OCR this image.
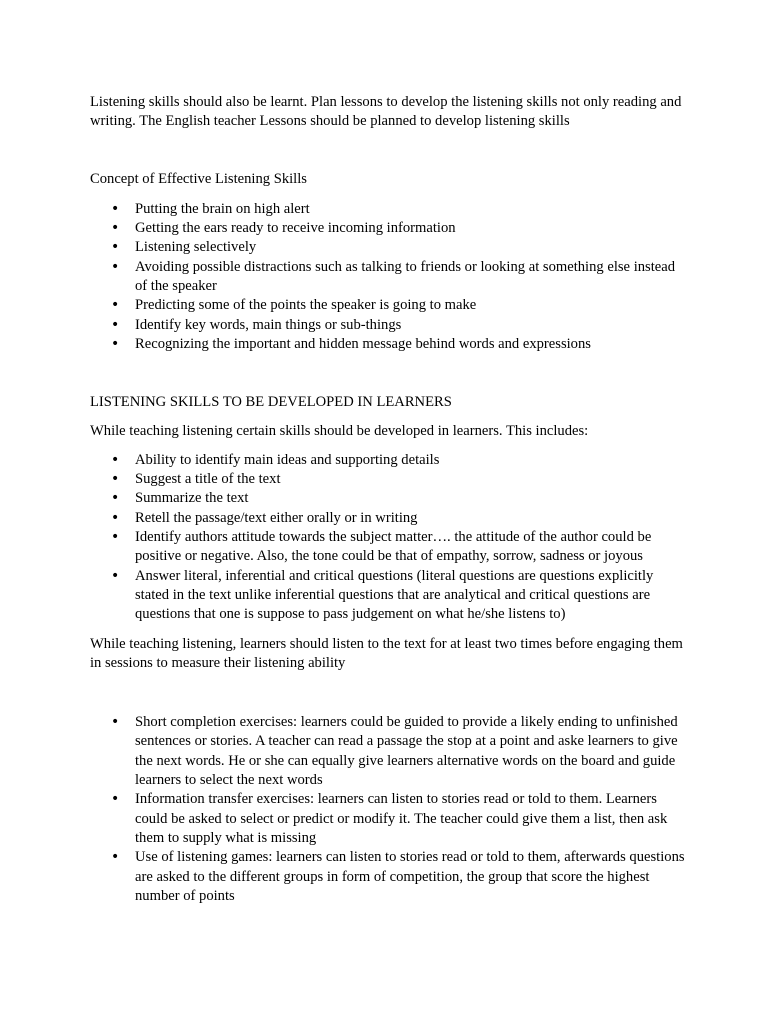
Listening skills should also be learnt. Plan lessons to develop the listening skills not only reading and writing. The English teacher Lessons should be planned to develop listening skills

Concept of Effective Listening Skills

• Putting the brain on high alert
• Getting the ears ready to receive incoming information
• Listening selectively
• Avoiding possible distractions such as talking to friends or looking at something else instead of the speaker
• Predicting some of the points the speaker is going to make
• Identify key words, main things or sub-things
• Recognizing the important and hidden message behind words and expressions

LISTENING SKILLS TO BE DEVELOPED IN LEARNERS

While teaching listening certain skills should be developed in learners. This includes:

• Ability to identify main ideas and supporting details
• Suggest a title of the text
• Summarize the text
• Retell the passage/text either orally or in writing
• Identify authors attitude towards the subject matter…. the attitude of the author could be positive or negative. Also, the tone could be that of empathy, sorrow, sadness or joyous
• Answer literal, inferential and critical questions (literal questions are questions explicitly stated in the text unlike inferential questions that are analytical and critical questions are questions that one is suppose to pass judgement on what he/she listens to)

While teaching listening, learners should listen to the text for at least two times before engaging them in sessions to measure their listening ability

• Short completion exercises: learners could be guided to provide a likely ending to unfinished sentences or stories. A teacher can read a passage the stop at a point and aske learners to give the next words. He or she can equally give learners alternative words on the board and guide learners to select the next words
• Information transfer exercises: learners can listen to stories read or told to them. Learners could be asked to select or predict or modify it. The teacher could give them a list, then ask them to supply what is missing
• Use of listening games: learners can listen to stories read or told to them, afterwards questions are asked to the different groups in form of competition, the group that score the highest number of points
